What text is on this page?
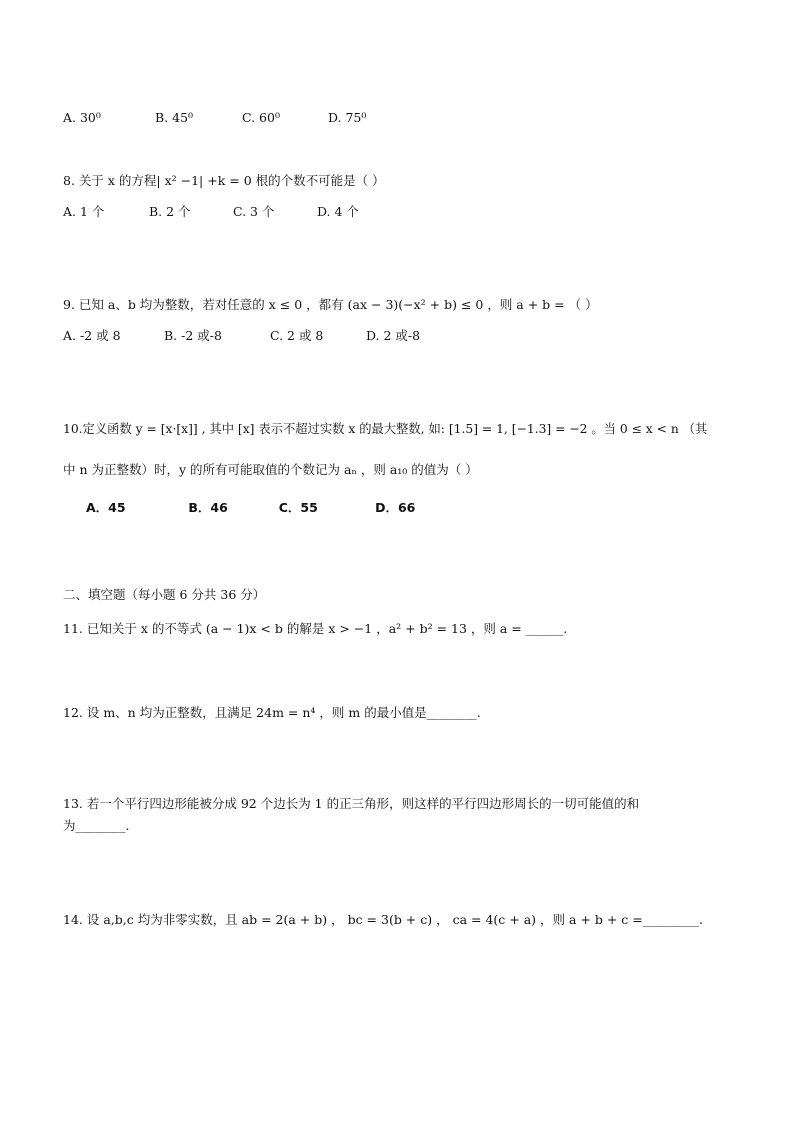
A. 30⁰	B. 45⁰	C. 60⁰	D. 75⁰
8. 关于 x 的方程| x² −1| +k = 0 根的个数不可能是（ ）
A. 1 个	B. 2 个	C. 3 个	D. 4 个
9. 已知 a、b 均为整数，若对任意的 x ≤ 0 ，都有 (ax − 3)(−x² + b) ≤ 0 ，则 a + b = （ ）
A. -2 或 8	B. -2 或-8	C. 2 或 8	D. 2 或-8
10.定义函数 y = [x·[x]] , 其中 [x] 表示不超过实数 x 的最大整数, 如: [1.5] = 1, [−1.3] = −2 。当 0 ≤ x < n （其
中 n 为正整数）时，y 的所有可能取值的个数记为 aₙ ，则 a₁₀ 的值为（ ）
A．45	B．46	C．55	D．66
二、填空题（每小题 6 分共 36 分）
11. 已知关于 x 的不等式 (a − 1)x < b 的解是 x > −1 ，a² + b² = 13 ，则 a = ______.
12. 设 m、n 均为正整数，且满足 24m = n⁴ ，则 m 的最小值是________.
13. 若一个平行四边形能被分成 92 个边长为 1 的正三角形，则这样的平行四边形周长的一切可能值的和
为________.
14. 设 a,b,c 均为非零实数，且 ab = 2(a + b) ， bc = 3(b + c) ， ca = 4(c + a) ，则 a + b + c =_________.
